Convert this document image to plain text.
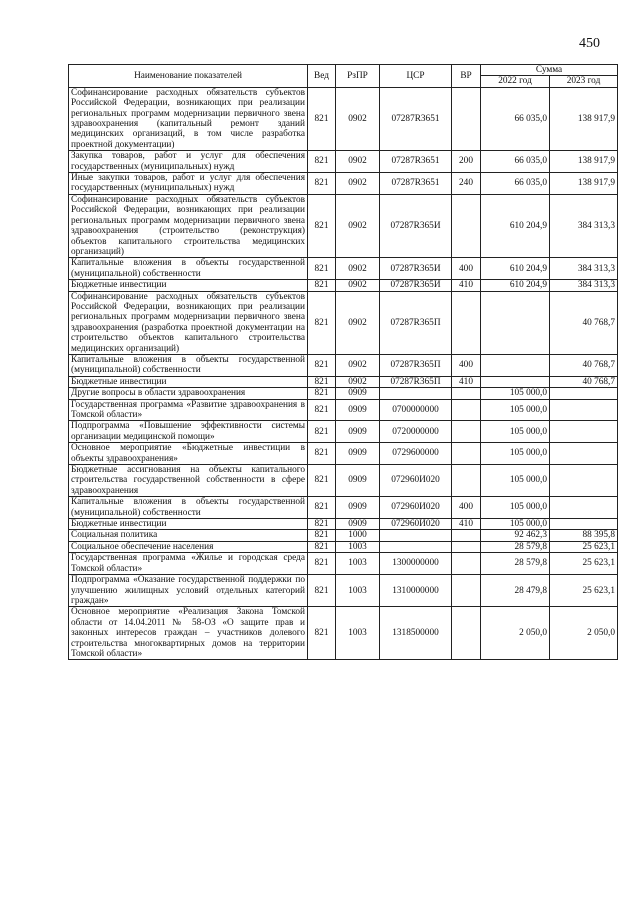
450
Наименование показателей	Вед	РзПР	ЦСР	ВР	Сумма	
					2022 год	2023 год
Софинансирование расходных обязательств субъектов Российской Федерации, возникающих при реализации региональных программ модернизации первичного звена здравоохранения (капитальный ремонт зданий медицинских организаций, в том числе разработка проектной документации)	821	0902	07287R3651		66 035,0	138 917,9
Закупка товаров, работ и услуг для обеспечения государственных (муниципальных) нужд	821	0902	07287R3651	200	66 035,0	138 917,9
Иные закупки товаров, работ и услуг для обеспечения государственных (муниципальных) нужд	821	0902	07287R3651	240	66 035,0	138 917,9
Софинансирование расходных обязательств субъектов Российской Федерации, возникающих при реализации региональных программ модернизации первичного звена здравоохранения (строительство (реконструкция) объектов капитального строительства медицинских организаций)	821	0902	07287R365И		610 204,9	384 313,3
Капитальные вложения в объекты государственной (муниципальной) собственности	821	0902	07287R365И	400	610 204,9	384 313,3
Бюджетные инвестиции	821	0902	07287R365И	410	610 204,9	384 313,3
Софинансирование расходных обязательств субъектов Российской Федерации, возникающих при реализации региональных программ модернизации первичного звена здравоохранения (разработка проектной документации на строительство объектов капитального строительства медицинских организаций)	821	0902	07287R365П			40 768,7
Капитальные вложения в объекты государственной (муниципальной) собственности	821	0902	07287R365П	400		40 768,7
Бюджетные инвестиции	821	0902	07287R365П	410		40 768,7
Другие вопросы в области здравоохранения	821	0909			105 000,0	
Государственная программа «Развитие здравоохранения в Томской области»	821	0909	0700000000		105 000,0	
Подпрограмма «Повышение эффективности системы организации медицинской помощи»	821	0909	0720000000		105 000,0	
Основное мероприятие «Бюджетные инвестиции в объекты здравоохранения»	821	0909	0729600000		105 000,0	
Бюджетные ассигнования на объекты капитального строительства государственной собственности в сфере здравоохранения	821	0909	072960И020		105 000,0	
Капитальные вложения в объекты государственной (муниципальной) собственности	821	0909	072960И020	400	105 000,0	
Бюджетные инвестиции	821	0909	072960И020	410	105 000,0	
Социальная политика	821	1000			92 462,3	88 395,8
Социальное обеспечение населения	821	1003			28 579,8	25 623,1
Государственная программа «Жилье и городская среда Томской области»	821	1003	1300000000		28 579,8	25 623,1
Подпрограмма «Оказание государственной поддержки по улучшению жилищных условий отдельных категорий граждан»	821	1003	1310000000		28 479,8	25 623,1
Основное мероприятие «Реализация Закона Томской области от 14.04.2011 № 58-ОЗ «О защите прав и законных интересов граждан – участников долевого строительства многоквартирных домов на территории Томской области»	821	1003	1318500000		2 050,0	2 050,0
